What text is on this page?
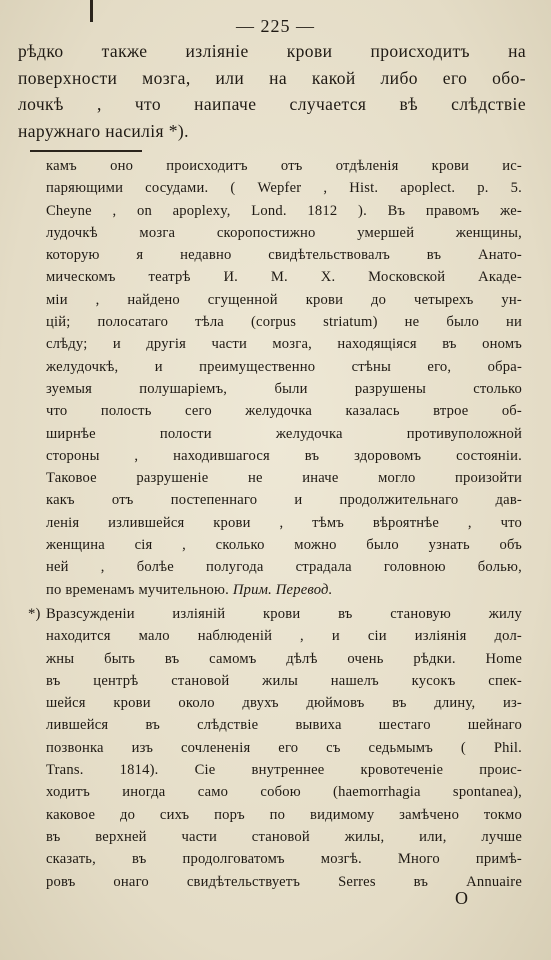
— 225 —
рѣдко также изліяніе крови происходитъ на
поверхности мозга, или на какой либо его обо-
лочкѣ , что наипаче случается вѣ слѣдствіе
наружнаго насилія *).
камъ оно происходитъ отъ отдѣленія крови ис-
паряющими сосудами. ( Wepfer , Hist. apoplect. p. 5.
Cheyne , on apoplexy, Lond. 1812 ). Въ правомъ же-
лудочкѣ мозга скоропостижно умершей женщины,
которую я недавно свидѣтельствовалъ въ Анато-
мическомъ театрѣ И. М. Х. Московской Акаде-
міи , найдено сгущенной крови до четырехъ ун-
цій; полосатаго тѣла (corpus striatum) не было ни
слѣду; и другія части мозга, находящіяся въ ономъ
желудочкѣ, и преимущественно стѣны его, обра-
зуемыя полушаріемъ, были разрушены столько
что полость сего желудочка казалась втрое об-
ширнѣе полости желудочка противуположной
стороны , находившагося въ здоровомъ состояніи.
Таковое разрушеніе не иначе могло произойти
какъ отъ постепеннаго и продолжительнаго дав-
ленія излившейся крови , тѣмъ вѣроятнѣе , что
женщина сія , сколько можно было узнать объ
ней , болѣе полугода страдала головною болью,
по временамъ мучительною. Прим. Перевод.
*) Вразсужденіи изліяній крови въ становую жилу
находится мало наблюденій , и сіи изліянія дол-
жны быть въ самомъ дѣлѣ очень рѣдки. Home
въ центрѣ становой жилы нашелъ кусокъ спек-
шейся крови около двухъ дюймовъ въ длину, из-
лившейся въ слѣдствіе вывиха шестаго шейнаго
позвонка изъ сочлененія его съ седьмымъ ( Phil.
Trans. 1814). Сіе внутреннее кровотеченіе проис-
ходитъ иногда само собою (haemorrhagia spontanea),
каковое до сихъ поръ по видимому замѣчено токмо
въ верхней части становой жилы, или, лучше
сказать, въ продолговатомъ мозгѣ. Много примѣ-
ровъ онаго свидѣтельствуетъ Serres въ Annuaire
О
